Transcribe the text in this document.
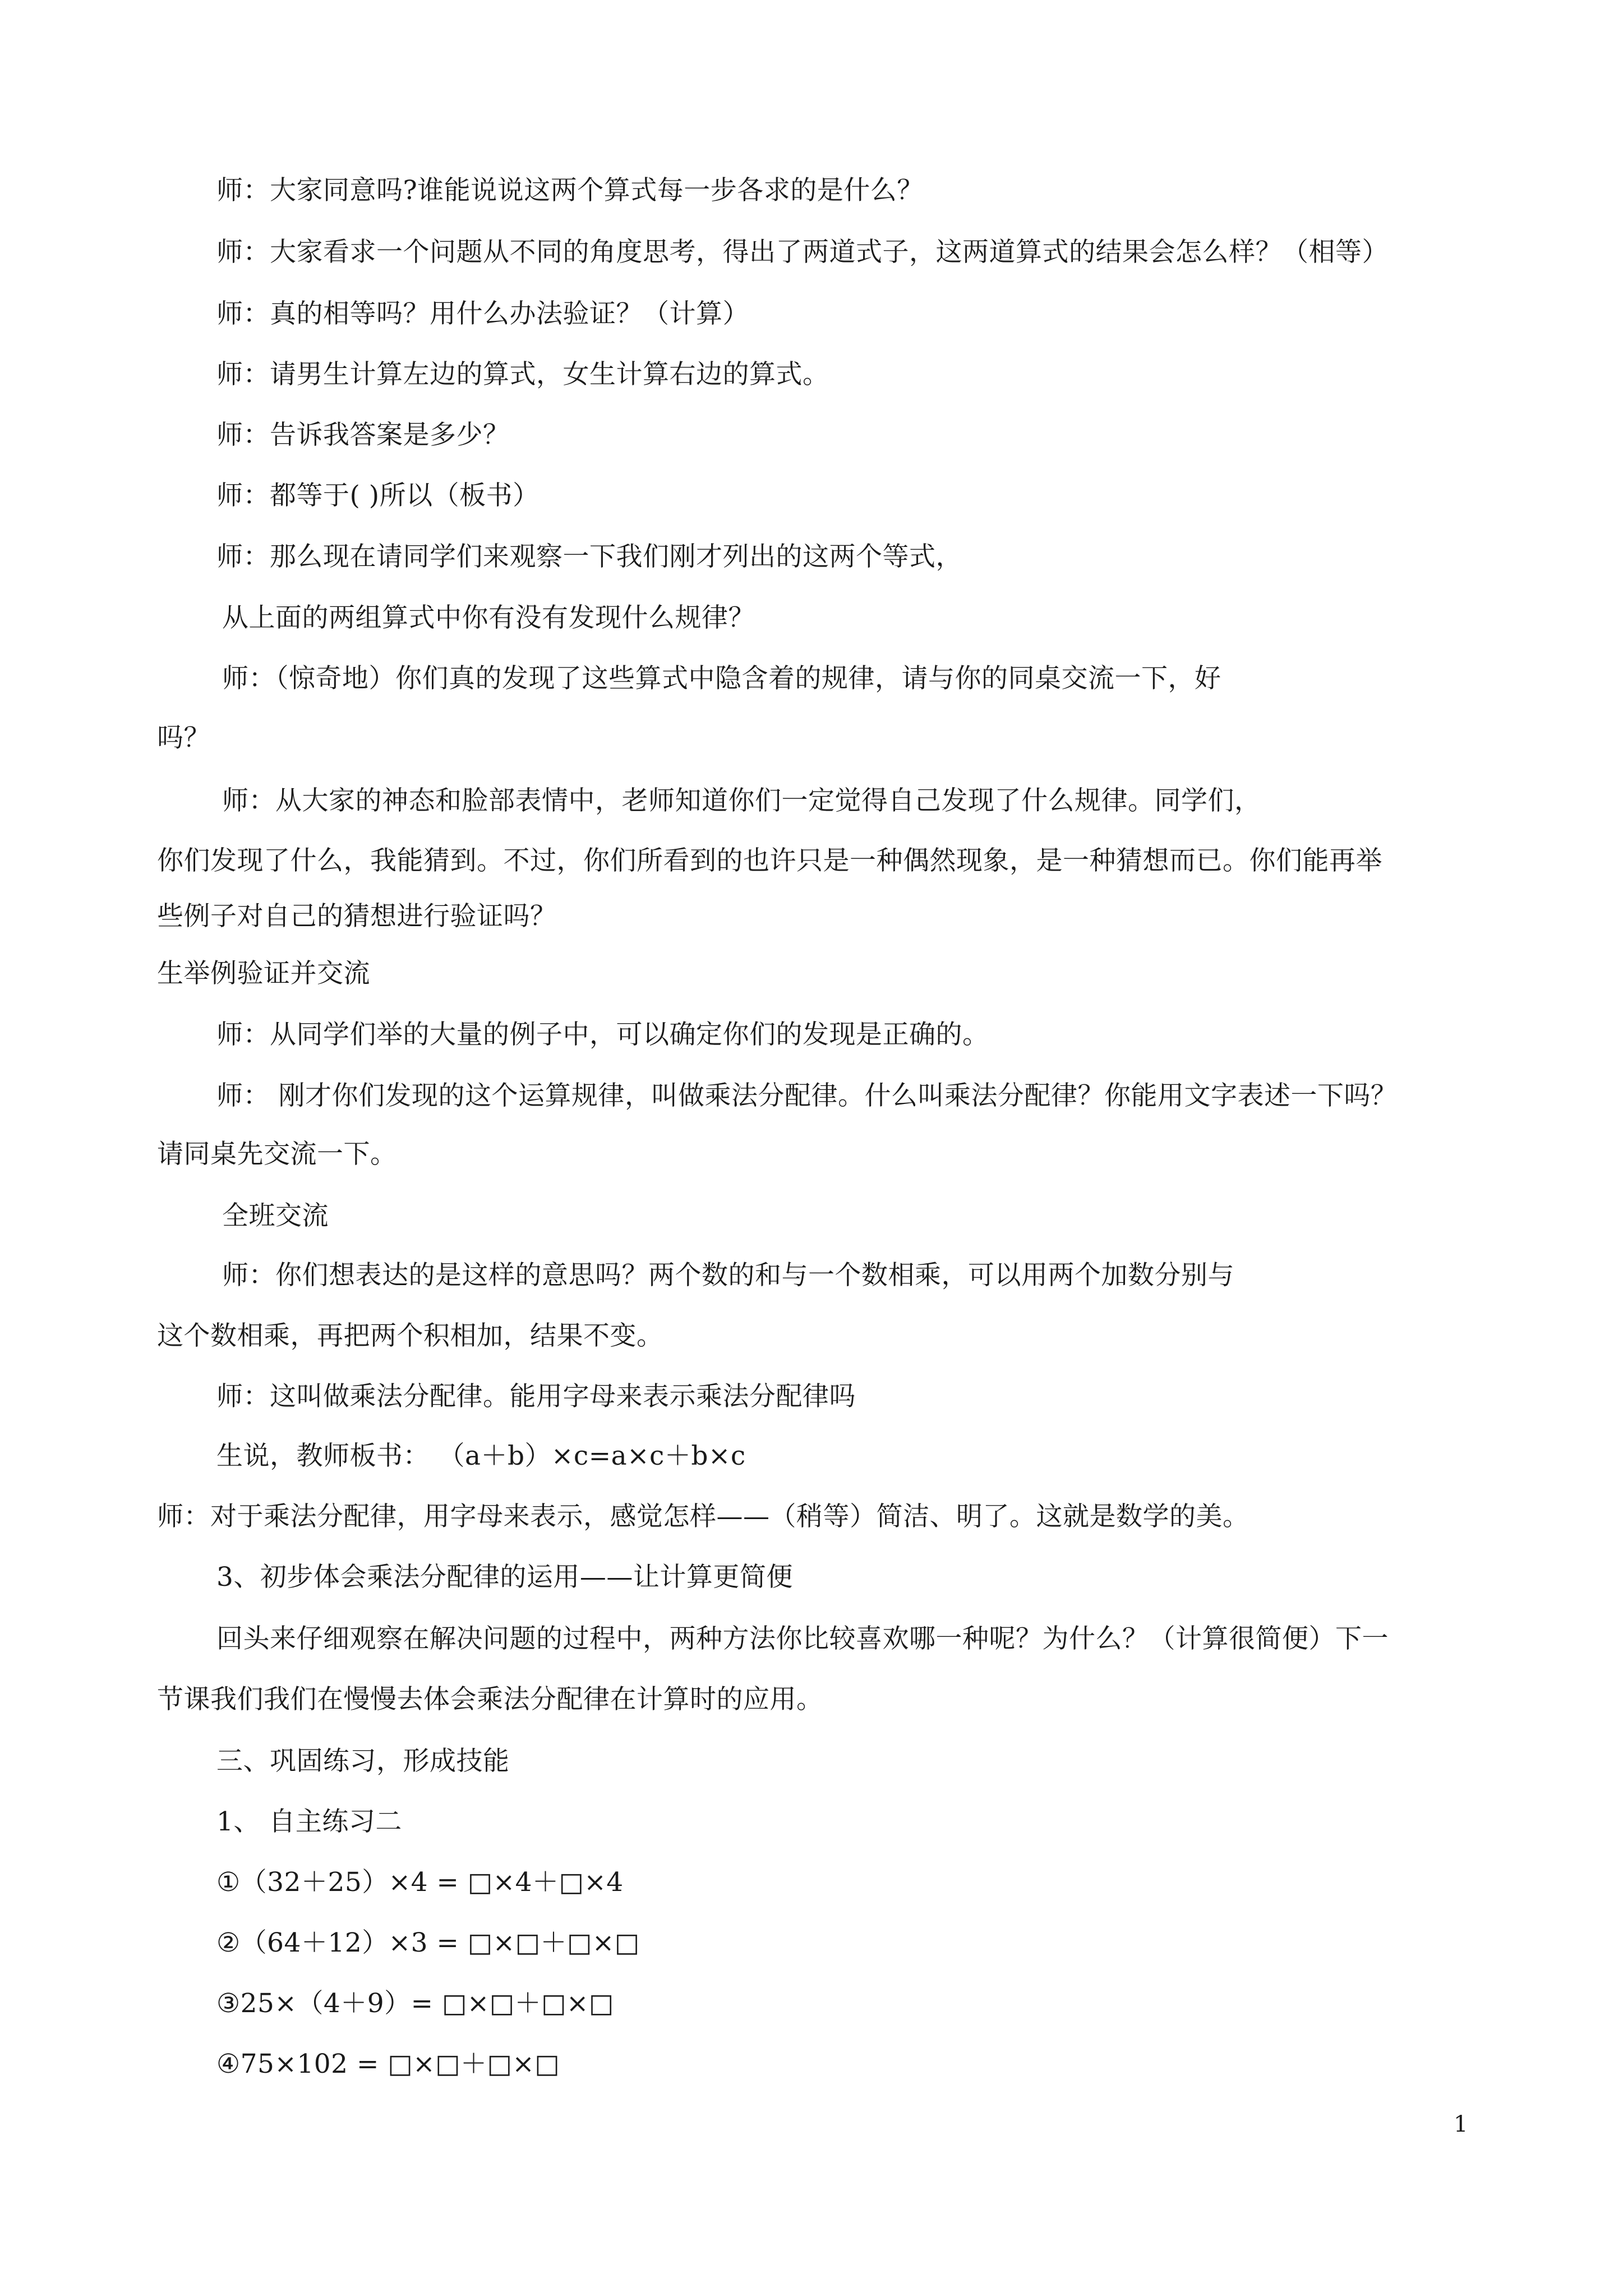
师：大家同意吗?谁能说说这两个算式每一步各求的是什么？
师：大家看求一个问题从不同的角度思考，得出了两道式子，这两道算式的结果会怎么样？（相等）
师：真的相等吗？用什么办法验证？（计算）
师：请男生计算左边的算式，女生计算右边的算式。
师：告诉我答案是多少？
师：都等于( )所以（板书）
师：那么现在请同学们来观察一下我们刚才列出的这两个等式，
从上面的两组算式中你有没有发现什么规律？
师：（惊奇地）你们真的发现了这些算式中隐含着的规律，请与你的同桌交流一下，好
吗？
师：从大家的神态和脸部表情中，老师知道你们一定觉得自己发现了什么规律。同学们，
你们发现了什么，我能猜到。不过，你们所看到的也许只是一种偶然现象，是一种猜想而已。你们能再举
些例子对自己的猜想进行验证吗？
生举例验证并交流
师：从同学们举的大量的例子中，可以确定你们的发现是正确的。
师： 刚才你们发现的这个运算规律，叫做乘法分配律。什么叫乘法分配律？你能用文字表述一下吗？
请同桌先交流一下。
全班交流
师：你们想表达的是这样的意思吗？两个数的和与一个数相乘，可以用两个加数分别与
这个数相乘，再把两个积相加，结果不变。
师：这叫做乘法分配律。能用字母来表示乘法分配律吗
生说，教师板书： （a＋b）×c=a×c＋b×c
师：对于乘法分配律，用字母来表示，感觉怎样——（稍等）简洁、明了。这就是数学的美。
3、初步体会乘法分配律的运用——让计算更简便
回头来仔细观察在解决问题的过程中，两种方法你比较喜欢哪一种呢？为什么？（计算很简便）下一
节课我们我们在慢慢去体会乘法分配律在计算时的应用。
三、巩固练习，形成技能
1、 自主练习二
①（32＋25）×4 = □×4＋□×4
②（64＋12）×3 = □×□＋□×□
③25×（4＋9）= □×□＋□×□
④75×102 = □×□＋□×□
1
